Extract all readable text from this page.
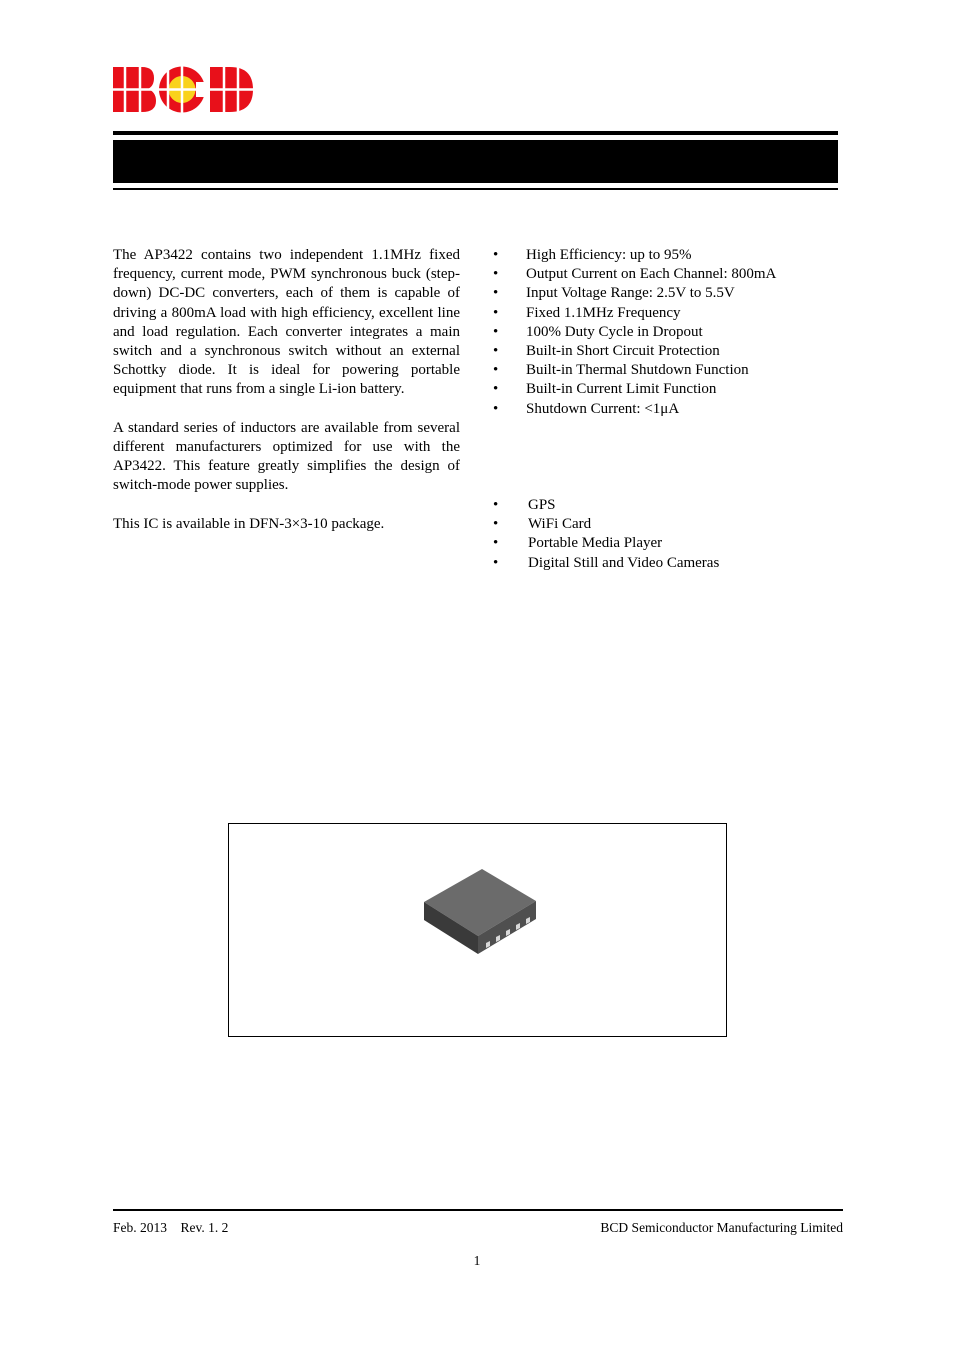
The AP3422 contains two independent 1.1MHz fixed frequency, current mode, PWM synchronous buck (step-down) DC-DC converters, each of them is capable of driving a 800mA load with high efficiency, excellent line and load regulation. Each converter integrates a main switch and a synchronous switch without an external Schottky diode. It is ideal for powering portable equipment that runs from a single Li-ion battery.

A standard series of inductors are available from several different manufacturers optimized for use with the AP3422. This feature greatly simplifies the design of switch-mode power supplies.

This IC is available in DFN-3×3-10 package.

• High Efficiency: up to 95%
• Output Current on Each Channel: 800mA
• Input Voltage Range: 2.5V to 5.5V
• Fixed 1.1MHz Frequency
• 100% Duty Cycle in Dropout
• Built-in Short Circuit Protection
• Built-in Thermal Shutdown Function
• Built-in Current Limit Function
• Shutdown Current: <1μA
• GPS
• WiFi Card
• Portable Media Player
• Digital Still and Video Cameras
Feb. 2013    Rev. 1. 2	BCD Semiconductor Manufacturing Limited
1
